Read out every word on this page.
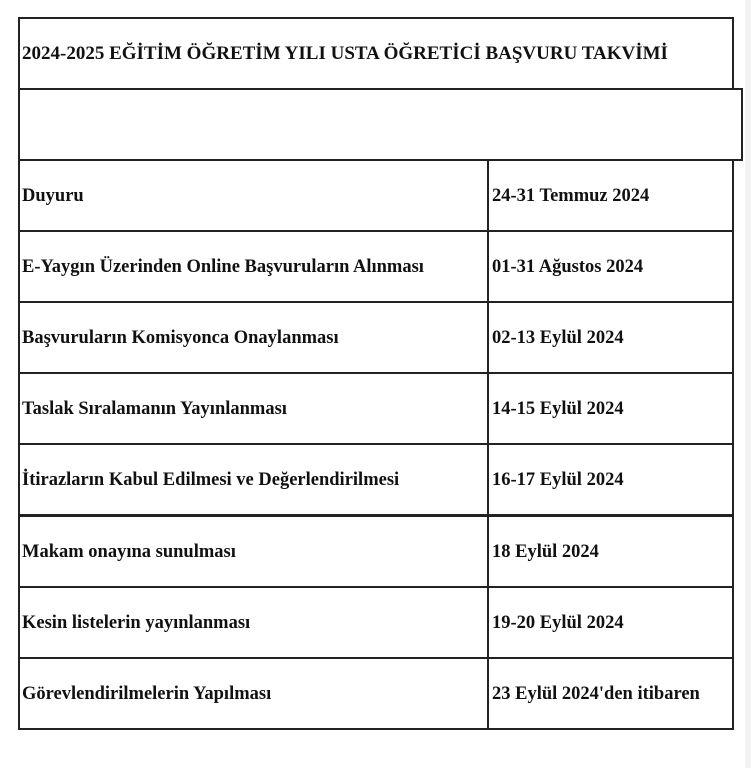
2024-2025 EĞİTİM ÖĞRETİM YILI USTA ÖĞRETİCİ BAŞVURU TAKVİMİ
Duyuru	24-31 Temmuz 2024
E-Yaygın Üzerinden Online Başvuruların Alınması	01-31 Ağustos 2024
Başvuruların Komisyonca Onaylanması	02-13 Eylül 2024
Taslak Sıralamanın Yayınlanması	14-15 Eylül 2024
İtirazların Kabul Edilmesi ve Değerlendirilmesi	16-17 Eylül 2024
Makam onayına sunulması	18 Eylül 2024
Kesin listelerin yayınlanması	19-20 Eylül 2024
Görevlendirilmelerin Yapılması	23 Eylül 2024'den itibaren
